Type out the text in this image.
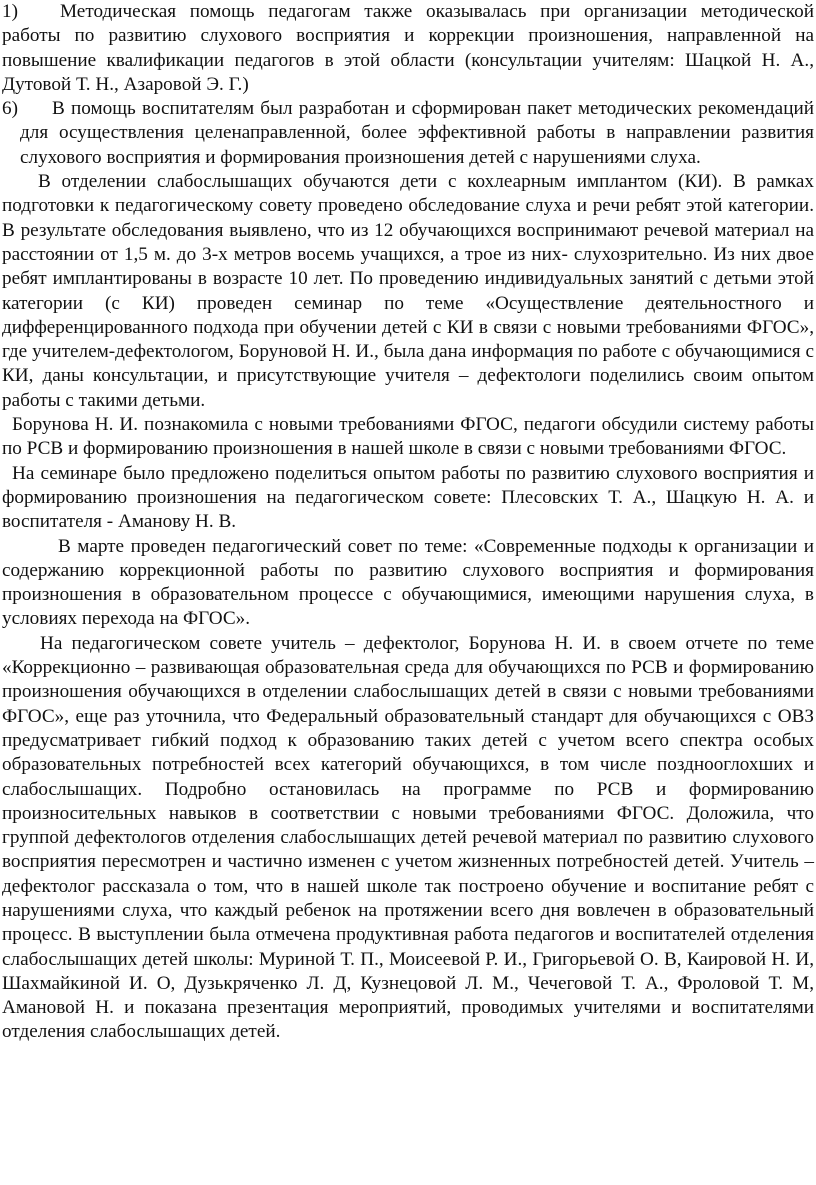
1) Методическая помощь педагогам также оказывалась при организации методической работы по развитию слухового восприятия и коррекции произношения, направленной на повышение квалификации педагогов в этой области (консультации учителям: Шацкой Н. А., Дутовой Т. Н., Азаровой Э. Г.)

6) В помощь воспитателям был разработан и сформирован пакет методических рекомендаций для осуществления целенаправленной, более эффективной работы в направлении развития слухового восприятия и формирования произношения детей с нарушениями слуха.

В отделении слабослышащих обучаются дети с кохлеарным имплантом (КИ). В рамках подготовки к педагогическому совету проведено обследование слуха и речи ребят этой категории. В результате обследования выявлено, что из 12 обучающихся воспринимают речевой материал на расстоянии от 1,5 м. до 3-х метров восемь учащихся, а трое из них- слухозрительно. Из них двое ребят имплантированы в возрасте 10 лет. По проведению индивидуальных занятий с детьми этой категории (с КИ) проведен семинар по теме «Осуществление деятельностного и дифференцированного подхода при обучении детей с КИ в связи с новыми требованиями ФГОС», где учителем-дефектологом, Боруновой Н. И., была дана информация по работе с обучающимися с КИ, даны консультации, и присутствующие учителя – дефектологи поделились своим опытом работы с такими детьми.

Борунова Н. И. познакомила с новыми требованиями ФГОС, педагоги обсудили систему работы по РСВ и формированию произношения в нашей школе в связи с новыми требованиями ФГОС.

На семинаре было предложено поделиться опытом работы по развитию слухового восприятия и формированию произношения на педагогическом совете: Плесовских Т. А., Шацкую Н. А. и воспитателя - Аманову Н. В.

В марте проведен педагогический совет по теме: «Современные подходы к организации и содержанию коррекционной работы по развитию слухового восприятия и формирования произношения в образовательном процессе с обучающимися, имеющими нарушения слуха, в условиях перехода на ФГОС».

На педагогическом совете учитель – дефектолог, Борунова Н. И. в своем отчете по теме «Коррекционно – развивающая образовательная среда для обучающихся по РСВ и формированию произношения обучающихся в отделении слабослышащих детей в связи с новыми требованиями ФГОС», еще раз уточнила, что Федеральный образовательный стандарт для обучающихся с ОВЗ предусматривает гибкий подход к образованию таких детей с учетом всего спектра особых образовательных потребностей всех категорий обучающихся, в том числе позднооглохших и слабослышащих. Подробно остановилась на программе по РСВ и формированию произносительных навыков в соответствии с новыми требованиями ФГОС. Доложила, что группой дефектологов отделения слабослышащих детей речевой материал по развитию слухового восприятия пересмотрен и частично изменен с учетом жизненных потребностей детей. Учитель – дефектолог рассказала о том, что в нашей школе так построено обучение и воспитание ребят с нарушениями слуха, что каждый ребенок на протяжении всего дня вовлечен в образовательный процесс. В выступлении была отмечена продуктивная работа педагогов и воспитателей отделения слабослышащих детей школы: Муриной Т. П., Моисеевой Р. И., Григорьевой О. В, Каировой Н. И, Шахмайкиной И. О, Дузькряченко Л. Д, Кузнецовой Л. М., Чечеговой Т. А., Фроловой Т. М, Амановой Н. и показана презентация мероприятий, проводимых учителями и воспитателями отделения слабослышащих детей.
